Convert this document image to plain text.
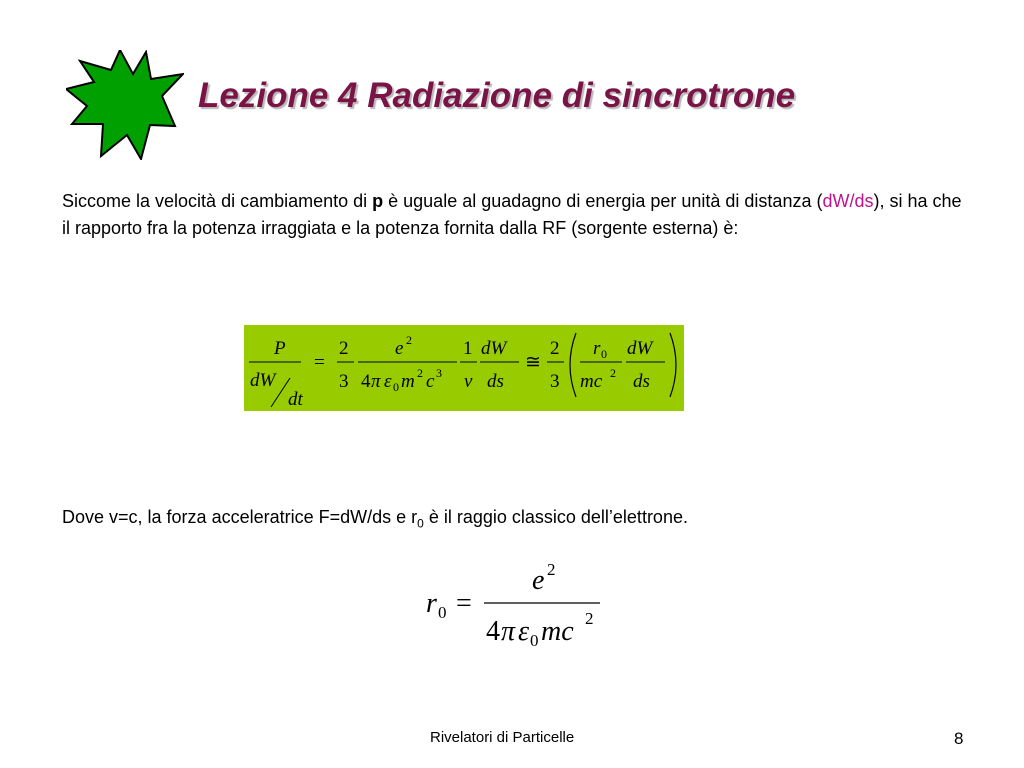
Lezione 4 Radiazione di sincrotrone
Siccome la velocità di cambiamento di p è uguale al guadagno di energia per unità di distanza (dW/ds), si ha che il rapporto fra la potenza irraggiata e la potenza fornita dalla RF (sorgente esterna) è:
P
dW
dt
=
2
3
e 2
4 π ε 0 m 2 c 3
1
v
dW
ds
≅
2
3
r 0
mc 2
dW
ds
Dove v=c, la forza acceleratrice F=dW/ds e $r_0$ è il raggio classico dell’elettrone.
r 0 =
e 2
4 π ε 0 mc 2
Rivelatori di Particelle	8
